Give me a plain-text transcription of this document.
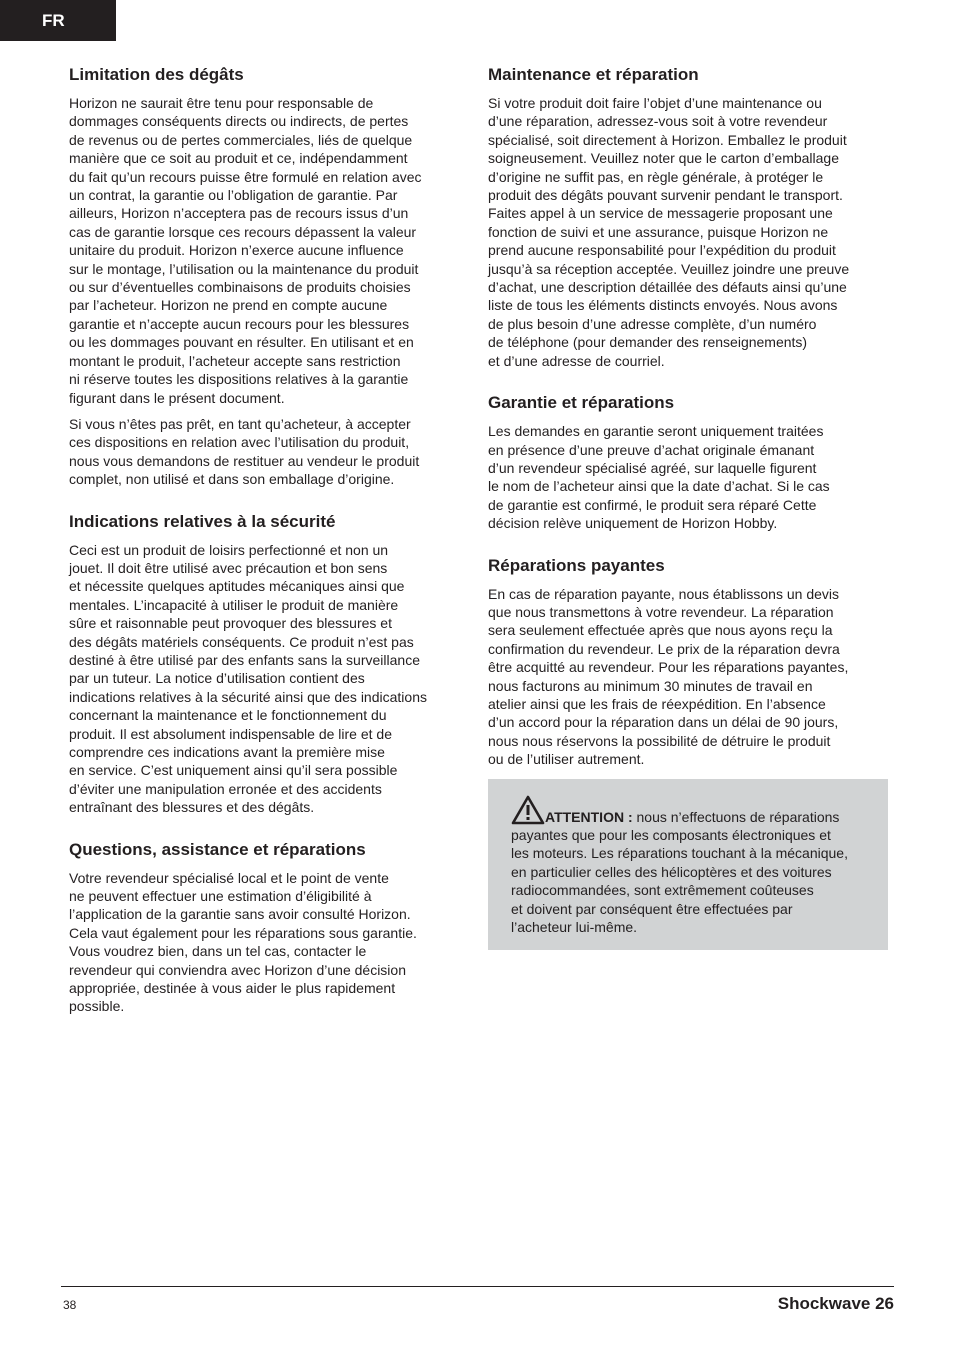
FR
Limitation des dégâts

Horizon ne saurait être tenu pour responsable de
dommages conséquents directs ou indirects, de pertes
de revenus ou de pertes commerciales, liés de quelque
manière que ce soit au produit et ce, indépendamment
du fait qu’un recours puisse être formulé en relation avec
un contrat, la garantie ou l’obligation de garantie. Par
ailleurs, Horizon n’acceptera pas de recours issus d’un
cas de garantie lorsque ces recours dépassent la valeur
unitaire du produit. Horizon n’exerce aucune influence
sur le montage, l’utilisation ou la maintenance du produit
ou sur d’éventuelles combinaisons de produits choisies
par l’acheteur. Horizon ne prend en compte aucune
garantie et n’accepte aucun recours pour les blessures
ou les dommages pouvant en résulter. En utilisant et en
montant le produit, l’acheteur accepte sans restriction
ni réserve toutes les dispositions relatives à la garantie
figurant dans le présent document.

Si vous n’êtes pas prêt, en tant qu’acheteur, à accepter
ces dispositions en relation avec l’utilisation du produit,
nous vous demandons de restituer au vendeur le produit
complet, non utilisé et dans son emballage d’origine.

Indications relatives à la sécurité

Ceci est un produit de loisirs perfectionné et non un
jouet. Il doit être utilisé avec précaution et bon sens
et nécessite quelques aptitudes mécaniques ainsi que
mentales. L’incapacité à utiliser le produit de manière
sûre et raisonnable peut provoquer des blessures et
des dégâts matériels conséquents. Ce produit n’est pas
destiné à être utilisé par des enfants sans la surveillance
par un tuteur. La notice d’utilisation contient des
indications relatives à la sécurité ainsi que des indications
concernant la maintenance et le fonctionnement du
produit. Il est absolument indispensable de lire et de
comprendre ces indications avant la première mise
en service. C’est uniquement ainsi qu’il sera possible
d’éviter une manipulation erronée et des accidents
entraînant des blessures et des dégâts.

Questions, assistance et réparations

Votre revendeur spécialisé local et le point de vente
ne peuvent effectuer une estimation d’éligibilité à
l’application de la garantie sans avoir consulté Horizon.
Cela vaut également pour les réparations sous garantie.
Vous voudrez bien, dans un tel cas, contacter le
revendeur qui conviendra avec Horizon d’une décision
appropriée, destinée à vous aider le plus rapidement
possible.

Maintenance et réparation

Si votre produit doit faire l’objet d’une maintenance ou
d’une réparation, adressez-vous soit à votre revendeur
spécialisé, soit directement à Horizon. Emballez le produit
soigneusement. Veuillez noter que le carton d’emballage
d’origine ne suffit pas, en règle générale, à protéger le
produit des dégâts pouvant survenir pendant le transport.
Faites appel à un service de messagerie proposant une
fonction de suivi et une assurance, puisque Horizon ne
prend aucune responsabilité pour l’expédition du produit
jusqu’à sa réception acceptée. Veuillez joindre une preuve
d’achat, une description détaillée des défauts ainsi qu’une
liste de tous les éléments distincts envoyés. Nous avons
de plus besoin d’une adresse complète, d’un numéro
de téléphone (pour demander des renseignements)
et d’une adresse de courriel.

Garantie et réparations

Les demandes en garantie seront uniquement traitées
en présence d’une preuve d’achat originale émanant
d’un revendeur spécialisé agréé, sur laquelle figurent
le nom de l’acheteur ainsi que la date d’achat. Si le cas
de garantie est confirmé, le produit sera réparé Cette
décision relève uniquement de Horizon Hobby.

Réparations payantes

En cas de réparation payante, nous établissons un devis
que nous transmettons à votre revendeur. La réparation
sera seulement effectuée après que nous ayons reçu la
confirmation du revendeur. Le prix de la réparation devra
être acquitté au revendeur. Pour les réparations payantes,
nous facturons au minimum 30 minutes de travail en
atelier ainsi que les frais de réexpédition. En l’absence
d’un accord pour la réparation dans un délai de 90 jours,
nous nous réservons la possibilité de détruire le produit
ou de l’utiliser autrement.

ATTENTION : nous n’effectuons de réparations
payantes que pour les composants électroniques et
les moteurs. Les réparations touchant à la mécanique,
en particulier celles des hélicoptères et des voitures
radiocommandées, sont extrêmement coûteuses
et doivent par conséquent être effectuées par
l’acheteur lui-même.
38	Shockwave 26
